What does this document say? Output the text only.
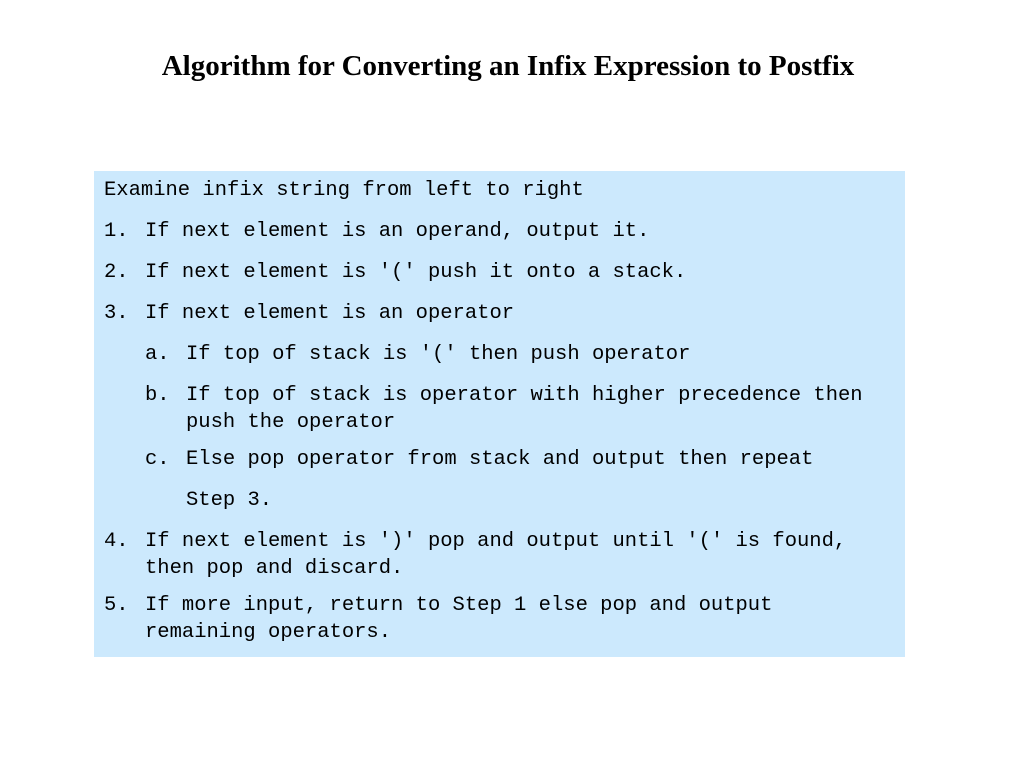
Algorithm for Converting an Infix Expression to Postfix
Examine infix string from left to right
1. If next element is an operand, output it.
2. If next element is '(' push it onto a stack.
3. If next element is an operator
a. If top of stack is '(' then push operator
b. If top of stack is operator with higher precedence then push the operator
c. Else pop operator from stack and output then repeat
Step 3.
4. If next element is ')' pop and output until '(' is found, then pop and discard.
5. If more input, return to Step 1 else pop and output remaining operators.
